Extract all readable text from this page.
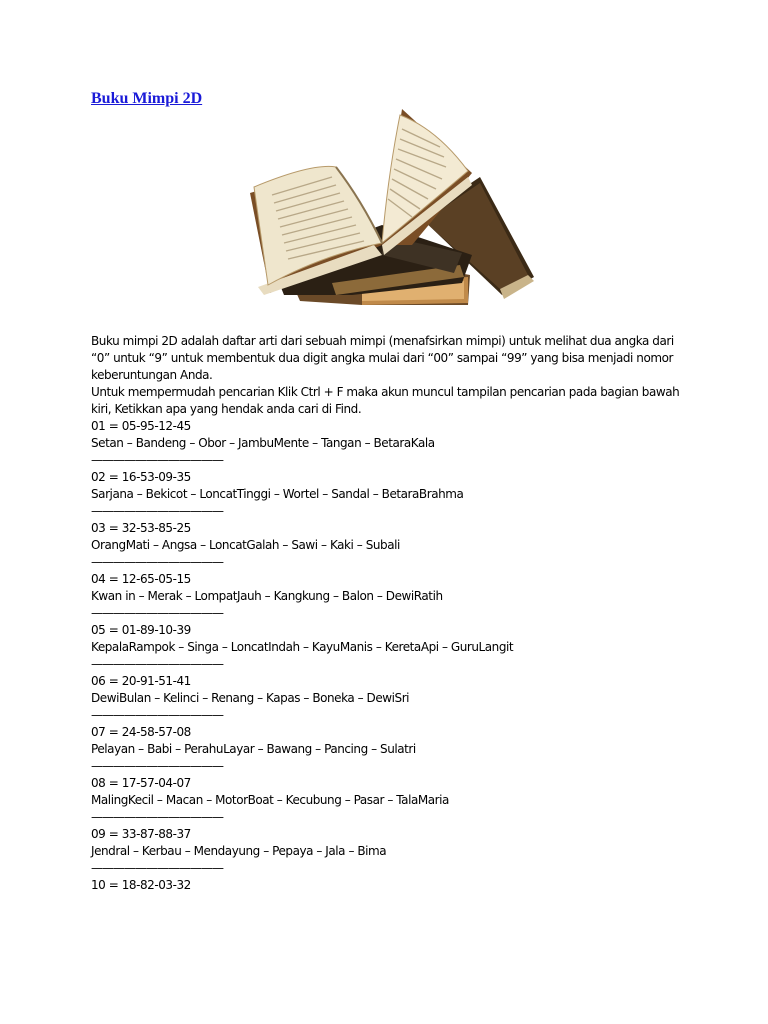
Buku Mimpi 2D

Buku mimpi 2D adalah daftar arti dari sebuah mimpi (menafsirkan mimpi) untuk melihat dua angka dari “0” untuk “9” untuk membentuk dua digit angka mulai dari “00” sampai “99” yang bisa menjadi nomor keberuntungan Anda.

Untuk mempermudah pencarian Klik Ctrl + F maka akun muncul tampilan pencarian pada bagian bawah kiri, Ketikkan apa yang hendak anda cari di Find.

01 = 05-95-12-45
Setan – Bandeng – Obor – JambuMente – Tangan – BetaraKala
————————————
02 = 16-53-09-35
Sarjana – Bekicot – LoncatTinggi – Wortel – Sandal – BetaraBrahma
————————————
03 = 32-53-85-25
OrangMati – Angsa – LoncatGalah – Sawi – Kaki – Subali
————————————
04 = 12-65-05-15
Kwan in – Merak – LompatJauh – Kangkung – Balon – DewiRatih
————————————
05 = 01-89-10-39
KepalaRampok – Singa – LoncatIndah – KayuManis – KeretaApi – GuruLangit
————————————
06 = 20-91-51-41
DewiBulan – Kelinci – Renang – Kapas – Boneka – DewiSri
————————————
07 = 24-58-57-08
Pelayan – Babi – PerahuLayar – Bawang – Pancing – Sulatri
————————————
08 = 17-57-04-07
MalingKecil – Macan – MotorBoat – Kecubung – Pasar – TalaMaria
————————————
09 = 33-87-88-37
Jendral – Kerbau – Mendayung – Pepaya – Jala – Bima
————————————
10 = 18-82-03-32
